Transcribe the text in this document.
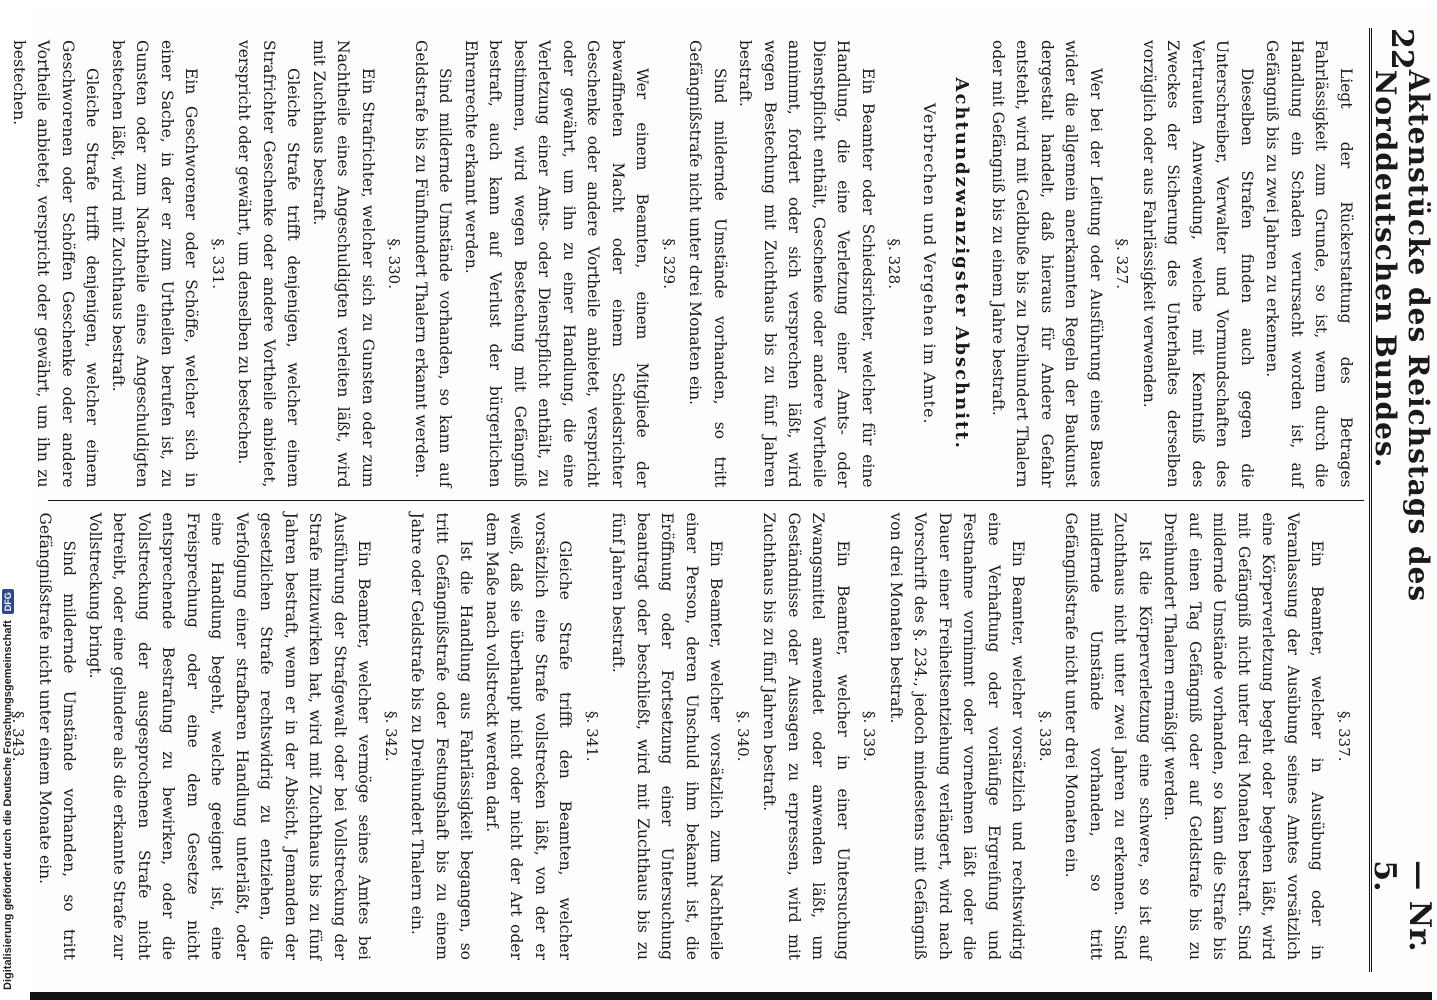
Digitalisierung gefördert durch die Deutsche Forschungsgemeinschaft
DFG
22
Aktenstücke des Reichstags des Norddeutschen Bundes.
— Nr. 5.

Liegt der Rückerstattung des Betrages Fahrlässigkeit zum Grunde, so ist, wenn durch die Handlung ein Schaden verursacht worden ist, auf Gefängniß bis zu zwei Jahren zu erkennen.

Dieselben Strafen finden auch gegen die Unterschreiber, Verwalter und Vormundschaften des Vertrauten Anwendung, welche mit Kenntniß des Zweckes der Sicherung des Unterhaltes derselben vorzüglich oder aus Fahrlässigkeit verwenden.

§. 327.

Wer bei der Leitung oder Ausführung eines Baues wider die allgemein anerkannten Regeln der Baukunst dergestalt handelt, daß hieraus für Andere Gefahr entsteht, wird mit Geldbuße bis zu Dreihundert Thalern oder mit Gefängniß bis zu einem Jahre bestraft.

Achtundzwanzigster Abschnitt.

Verbrechen und Vergehen im Amte.

§. 328.

Ein Beamter oder Schiedsrichter, welcher für eine Handlung, die eine Verletzung einer Amts- oder Dienstpflicht enthält, Geschenke oder andere Vortheile annimmt, fordert oder sich versprechen läßt, wird wegen Bestechung mit Zuchthaus bis zu fünf Jahren bestraft.

Sind mildernde Umstände vorhanden, so tritt Gefängnißstrafe nicht unter drei Monaten ein.

§. 329.

Wer einem Beamten, einem Mitgliede der bewaffneten Macht oder einem Schiedsrichter Geschenke oder andere Vortheile anbietet, verspricht oder gewährt, um ihn zu einer Handlung, die eine Verletzung einer Amts- oder Dienstpflicht enthält, zu bestimmen, wird wegen Bestechung mit Gefängniß bestraft, auch kann auf Verlust der bürgerlichen Ehrenrechte erkannt werden.

Sind mildernde Umstände vorhanden, so kann auf Geldstrafe bis zu Fünfhundert Thalern erkannt werden.

§. 330.

Ein Strafrichter, welcher sich zu Gunsten oder zum Nachtheile eines Angeschuldigten verleiten läßt, wird mit Zuchthaus bestraft.

Gleiche Strafe trifft denjenigen, welcher einem Strafrichter Geschenke oder andere Vortheile anbietet, verspricht oder gewährt, um denselben zu bestechen.

§. 331.

Ein Geschworener oder Schöffe, welcher sich in einer Sache, in der er zum Urtheilen berufen ist, zu Gunsten oder zum Nachtheile eines Angeschuldigten bestechen läßt, wird mit Zuchthaus bestraft.

Gleiche Strafe trifft denjenigen, welcher einem Geschworenen oder Schöffen Geschenke oder andere Vortheile anbietet, verspricht oder gewährt, um ihn zu bestechen.

§. 337.

Ein Beamter, welcher in Ausübung oder in Veranlassung der Ausübung seines Amtes vorsätzlich eine Körperverletzung begeht oder begehen läßt, wird mit Gefängniß nicht unter drei Monaten bestraft. Sind mildernde Umstände vorhanden, so kann die Strafe bis auf einen Tag Gefängniß oder auf Geldstrafe bis zu Dreihundert Thalern ermäßigt werden.

Ist die Körperverletzung eine schwere, so ist auf Zuchthaus nicht unter zwei Jahren zu erkennen. Sind mildernde Umstände vorhanden, so tritt Gefängnißstrafe nicht unter drei Monaten ein.

§. 338.

Ein Beamter, welcher vorsätzlich und rechtswidrig eine Verhaftung oder vorläufige Ergreifung und Festnahme vornimmt oder vornehmen läßt oder die Dauer einer Freiheitsentziehung verlängert, wird nach Vorschrift des §. 234., jedoch mindestens mit Gefängniß von drei Monaten bestraft.

§. 339.

Ein Beamter, welcher in einer Untersuchung Zwangsmittel anwendet oder anwenden läßt, um Geständnisse oder Aussagen zu erpressen, wird mit Zuchthaus bis zu fünf Jahren bestraft.

§. 340.

Ein Beamter, welcher vorsätzlich zum Nachtheile einer Person, deren Unschuld ihm bekannt ist, die Eröffnung oder Fortsetzung einer Untersuchung beantragt oder beschließt, wird mit Zuchthaus bis zu fünf Jahren bestraft.

§. 341.

Gleiche Strafe trifft den Beamten, welcher vorsätzlich eine Strafe vollstrecken läßt, von der er weiß, daß sie überhaupt nicht oder nicht der Art oder dem Maße nach vollstreckt werden darf.

Ist die Handlung aus Fahrlässigkeit begangen, so tritt Gefängnißstrafe oder Festungshaft bis zu einem Jahre oder Geldstrafe bis zu Dreihundert Thalern ein.

§. 342.

Ein Beamter, welcher vermöge seines Amtes bei Ausführung der Strafgewalt oder bei Vollstreckung der Strafe mitzuwirken hat, wird mit Zuchthaus bis zu fünf Jahren bestraft, wenn er in der Absicht, Jemanden der gesetzlichen Strafe rechtswidrig zu entziehen, die Verfolgung einer strafbaren Handlung unterläßt, oder eine Handlung begeht, welche geeignet ist, eine Freisprechung oder eine dem Gesetze nicht entsprechende Bestrafung zu bewirken, oder die Vollstreckung der ausgesprochenen Strafe nicht betreibt, oder eine gelindere als die erkannte Strafe zur Vollstreckung bringt.

Sind mildernde Umstände vorhanden, so tritt Gefängnißstrafe nicht unter einem Monate ein.

§. 343.
